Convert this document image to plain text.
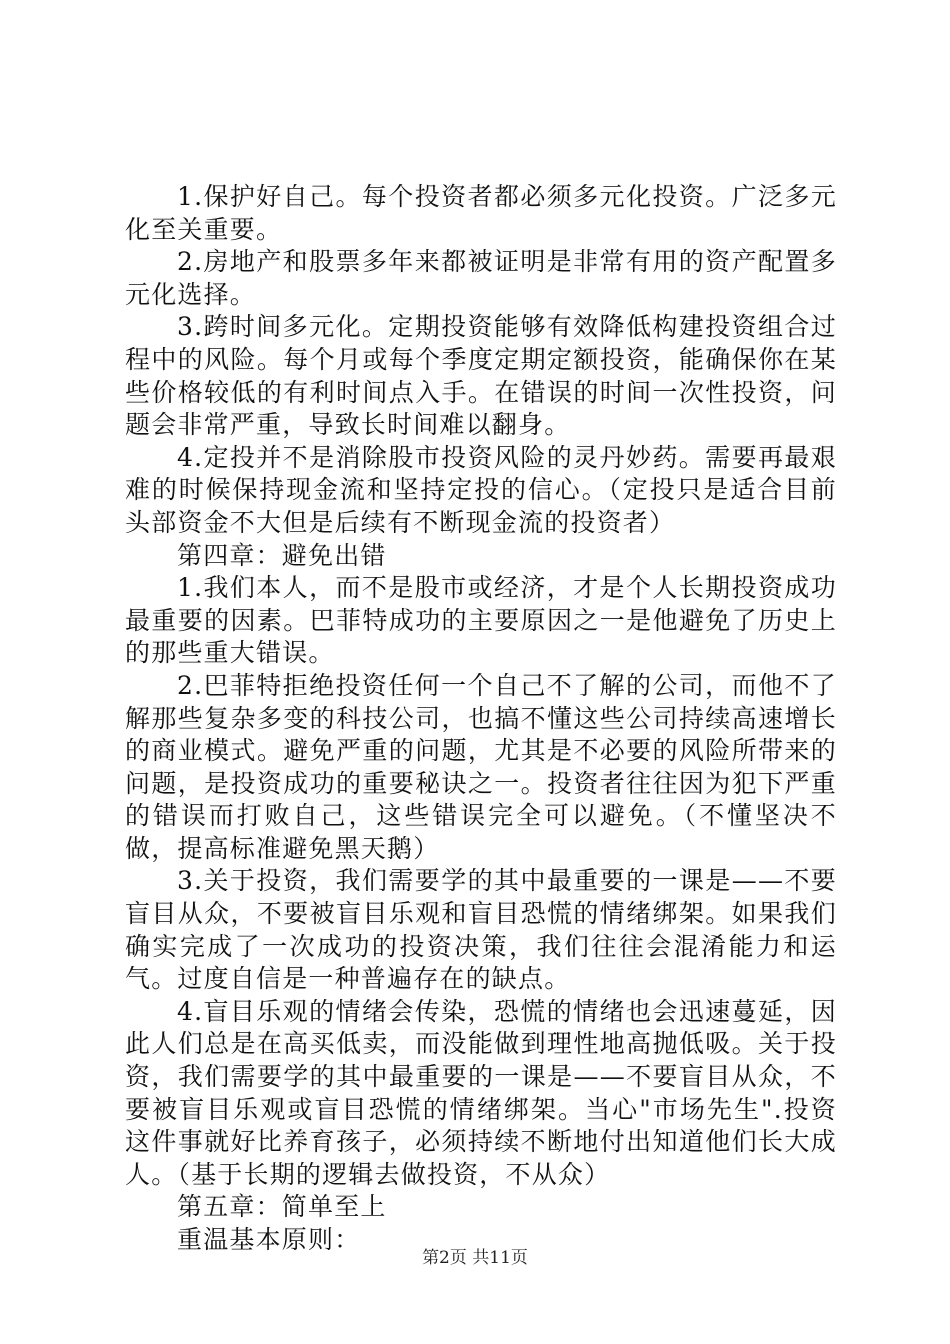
1.保护好自己。每个投资者都必须多元化投资。广泛多元化至关重要。

2.房地产和股票多年来都被证明是非常有用的资产配置多元化选择。

3.跨时间多元化。定期投资能够有效降低构建投资组合过程中的风险。每个月或每个季度定期定额投资，能确保你在某些价格较低的有利时间点入手。在错误的时间一次性投资，问题会非常严重，导致长时间难以翻身。

4.定投并不是消除股市投资风险的灵丹妙药。需要再最艰难的时候保持现金流和坚持定投的信心。（定投只是适合目前头部资金不大但是后续有不断现金流的投资者）

第四章：避免出错

1.我们本人，而不是股市或经济，才是个人长期投资成功最重要的因素。巴菲特成功的主要原因之一是他避免了历史上的那些重大错误。

2.巴菲特拒绝投资任何一个自己不了解的公司，而他不了解那些复杂多变的科技公司，也搞不懂这些公司持续高速增长的商业模式。避免严重的问题，尤其是不必要的风险所带来的问题，是投资成功的重要秘诀之一。投资者往往因为犯下严重的错误而打败自己，这些错误完全可以避免。（不懂坚决不做，提高标准避免黑天鹅）

3.关于投资，我们需要学的其中最重要的一课是——不要盲目从众，不要被盲目乐观和盲目恐慌的情绪绑架。如果我们确实完成了一次成功的投资决策，我们往往会混淆能力和运气。过度自信是一种普遍存在的缺点。

4.盲目乐观的情绪会传染，恐慌的情绪也会迅速蔓延，因此人们总是在高买低卖，而没能做到理性地高抛低吸。关于投资，我们需要学的其中最重要的一课是——不要盲目从众，不要被盲目乐观或盲目恐慌的情绪绑架。当心"市场先生".投资这件事就好比养育孩子，必须持续不断地付出知道他们长大成人。（基于长期的逻辑去做投资，不从众）

第五章：简单至上

重温基本原则：

第2页 共11页
